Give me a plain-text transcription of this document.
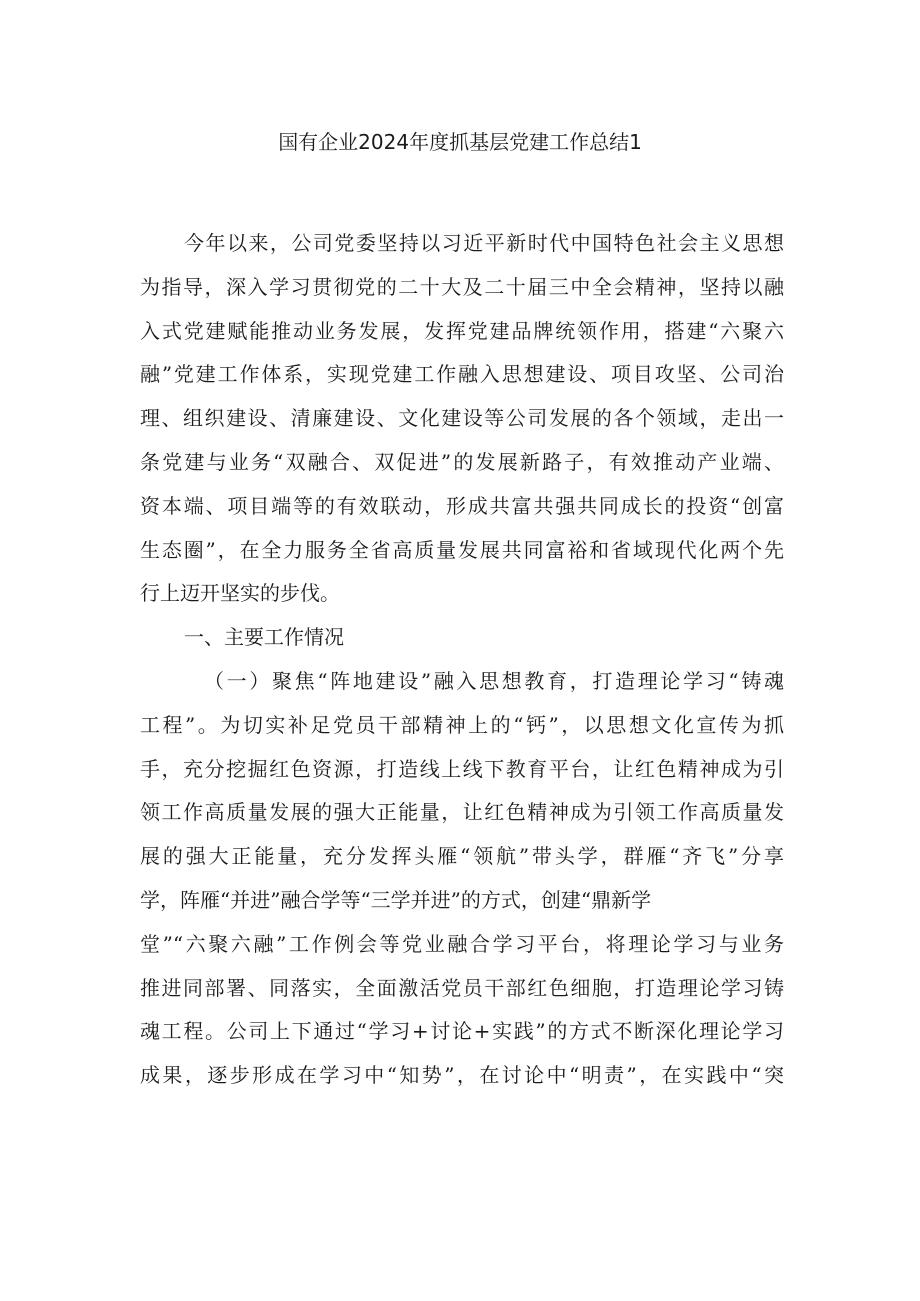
国有企业2024年度抓基层党建工作总结1
今年以来，公司党委坚持以习近平新时代中国特色社会主义思想
为指导，深入学习贯彻党的二十大及二十届三中全会精神，坚持以融
入式党建赋能推动业务发展，发挥党建品牌统领作用，搭建“六聚六
融”党建工作体系，实现党建工作融入思想建设、项目攻坚、公司治
理、组织建设、清廉建设、文化建设等公司发展的各个领域，走出一
条党建与业务“双融合、双促进”的发展新路子，有效推动产业端、
资本端、项目端等的有效联动，形成共富共强共同成长的投资“创富
生态圈”，在全力服务全省高质量发展共同富裕和省域现代化两个先
行上迈开坚实的步伐。
一、主要工作情况
（一）聚焦“阵地建设”融入思想教育，打造理论学习“铸魂
工程”。为切实补足党员干部精神上的“钙”，以思想文化宣传为抓
手，充分挖掘红色资源，打造线上线下教育平台，让红色精神成为引
领工作高质量发展的强大正能量，让红色精神成为引领工作高质量发
展的强大正能量，充分发挥头雁“领航”带头学，群雁“齐飞”分享
学，阵雁“并进”融合学等“三学并进”的方式，创建“鼎新学
堂”“六聚六融”工作例会等党业融合学习平台，将理论学习与业务
推进同部署、同落实，全面激活党员干部红色细胞，打造理论学习铸
魂工程。公司上下通过“学习+讨论+实践”的方式不断深化理论学习
成果，逐步形成在学习中“知势”，在讨论中“明责”，在实践中“突
